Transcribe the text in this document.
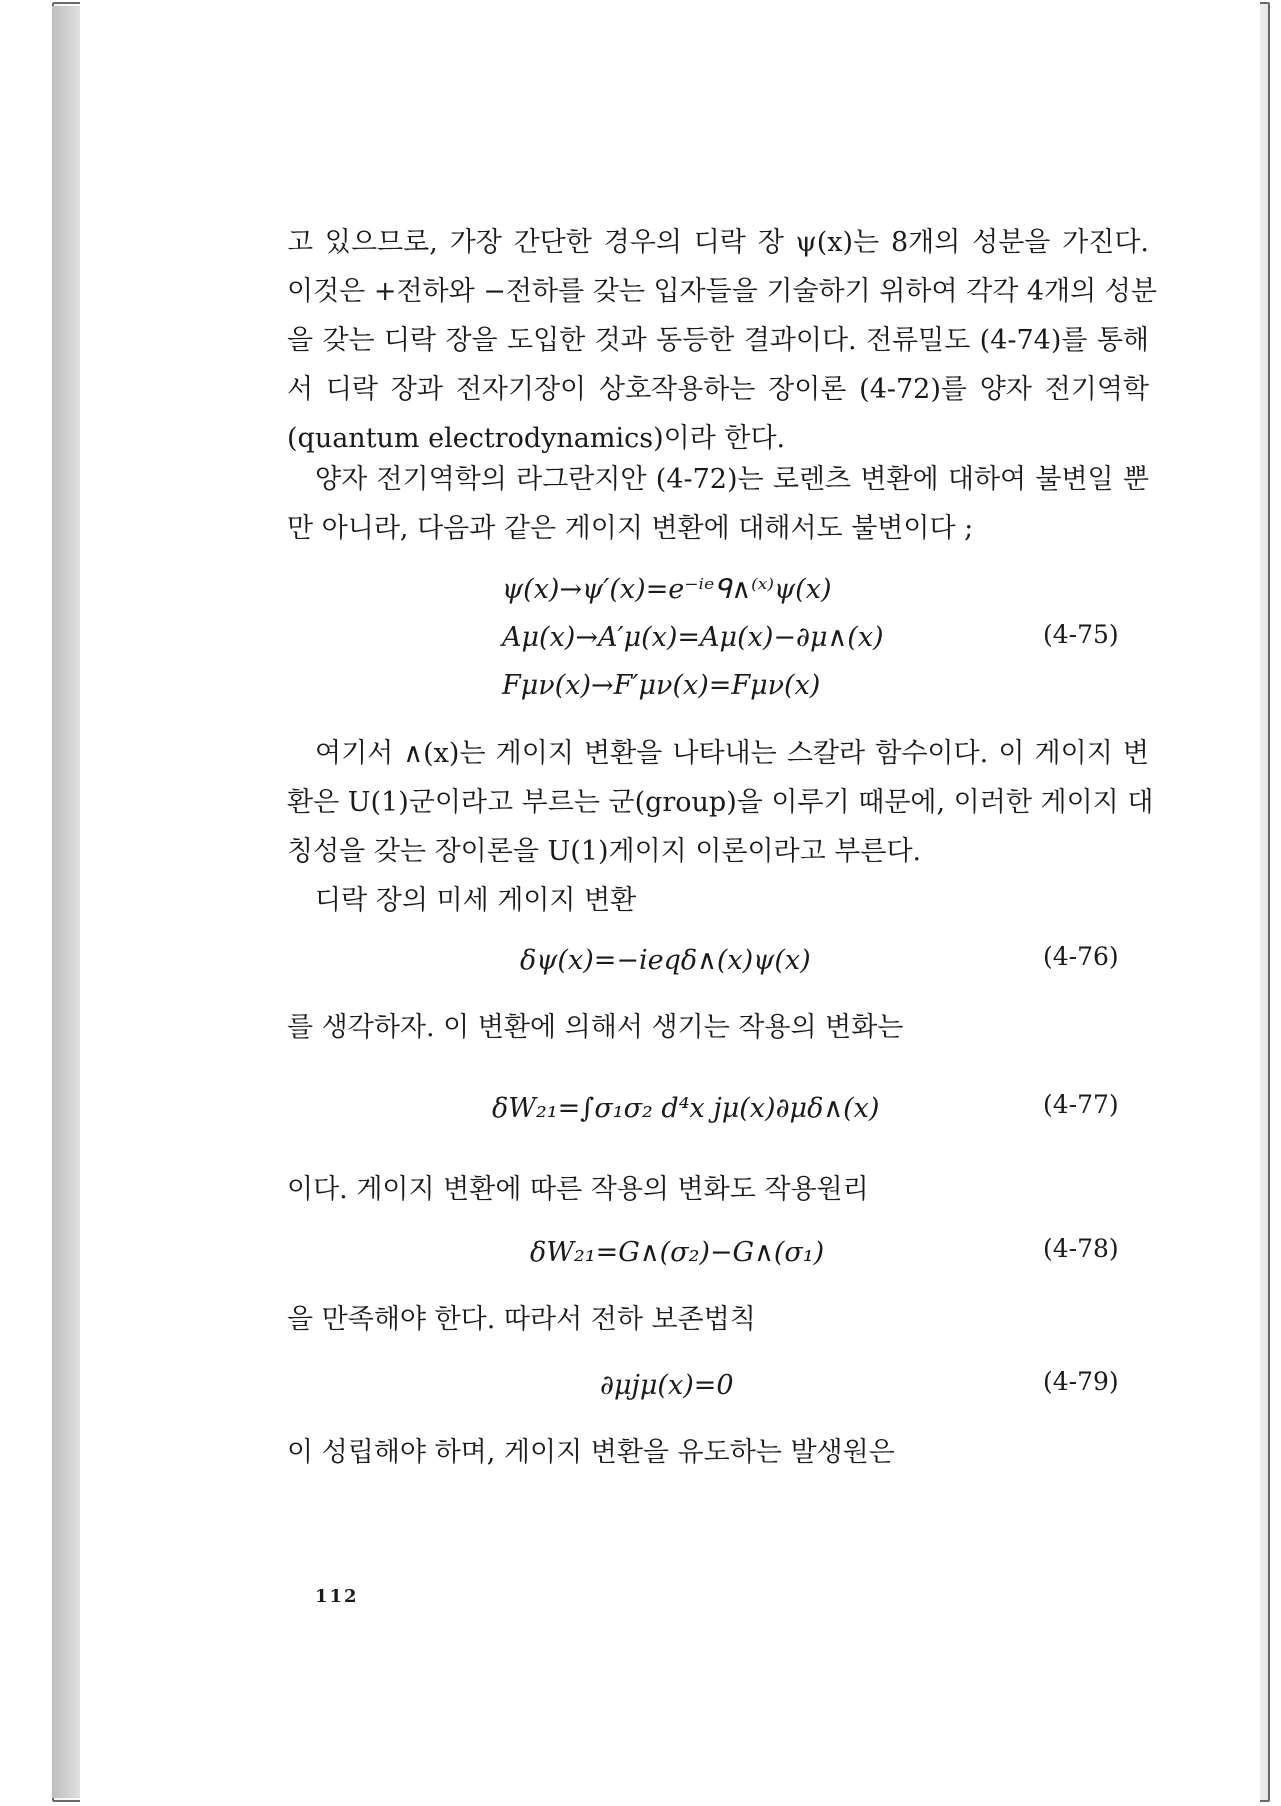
고 있으므로, 가장 간단한 경우의 디락 장 ψ(x)는 8개의 성분을 가진다.
이것은 +전하와 −전하를 갖는 입자들을 기술하기 위하여 각각 4개의 성분
을 갖는 디락 장을 도입한 것과 동등한 결과이다. 전류밀도 (4-74)를 통해
서 디락 장과 전자기장이 상호작용하는 장이론 (4-72)를 양자 전기역학
(quantum electrodynamics)이라 한다.
양자 전기역학의 라그란지안 (4-72)는 로렌츠 변환에 대하여 불변일 뿐
만 아니라, 다음과 같은 게이지 변환에 대해서도 불변이다 ;
ψ(x)→ψ′(x)=e⁻ⁱᵉᑫ∧⁽ˣ⁾ψ(x)
Aμ(x)→A′μ(x)=Aμ(x)−∂μ∧(x)
Fμν(x)→F′μν(x)=Fμν(x)
(4-75)
여기서 ∧(x)는 게이지 변환을 나타내는 스칼라 함수이다. 이 게이지 변
환은 U(1)군이라고 부르는 군(group)을 이루기 때문에, 이러한 게이지 대
칭성을 갖는 장이론을 U(1)게이지 이론이라고 부른다.
디락 장의 미세 게이지 변환
δψ(x)=−ieqδ∧(x)ψ(x)	(4-76)
를 생각하자. 이 변환에 의해서 생기는 작용의 변화는
δW₂₁=∫σ₁σ₂ d⁴x jμ(x)∂μδ∧(x)	(4-77)
이다. 게이지 변환에 따른 작용의 변화도 작용원리
δW₂₁=G∧(σ₂)−G∧(σ₁)	(4-78)
을 만족해야 한다. 따라서 전하 보존법칙
∂μjμ(x)=0	(4-79)
이 성립해야 하며, 게이지 변환을 유도하는 발생원은
112
